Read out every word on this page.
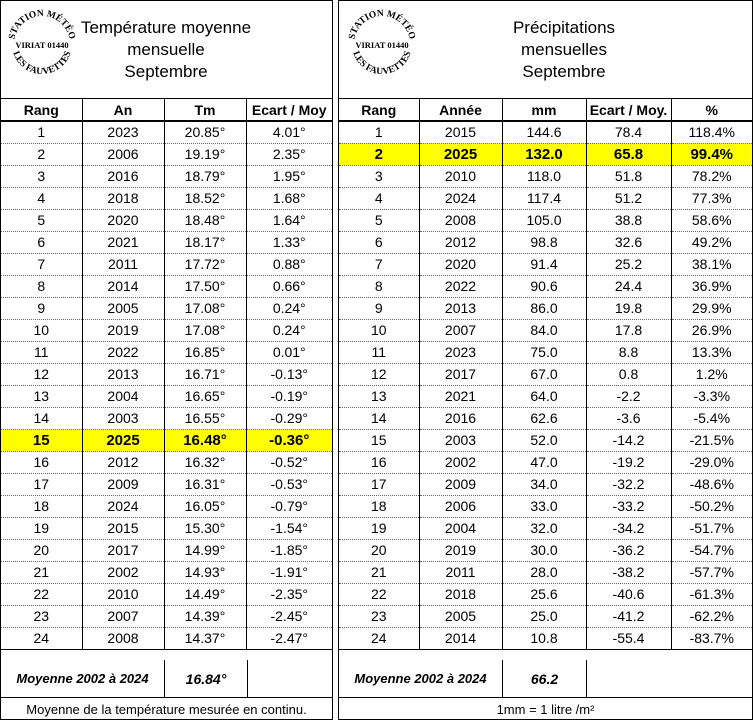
STATION MÉTÉO
VIRIAT 01440
LES FAUVETTES
Température moyenne
mensuelle
Septembre
Rang	An	Tm	Ecart / Moy
1	2023	20.85°	4.01°
2	2006	19.19°	2.35°
3	2016	18.79°	1.95°
4	2018	18.52°	1.68°
5	2020	18.48°	1.64°
6	2021	18.17°	1.33°
7	2011	17.72°	0.88°
8	2014	17.50°	0.66°
9	2005	17.08°	0.24°
10	2019	17.08°	0.24°
11	2022	16.85°	0.01°
12	2013	16.71°	-0.13°
13	2004	16.65°	-0.19°
14	2003	16.55°	-0.29°
15	2025	16.48°	-0.36°
16	2012	16.32°	-0.52°
17	2009	16.31°	-0.53°
18	2024	16.05°	-0.79°
19	2015	15.30°	-1.54°
20	2017	14.99°	-1.85°
21	2002	14.93°	-1.91°
22	2010	14.49°	-2.35°
23	2007	14.39°	-2.45°
24	2008	14.37°	-2.47°
Moyenne 2002 à 2024	16.84°
Moyenne de la température mesurée en continu.
STATION MÉTÉO
VIRIAT 01440
LES FAUVETTES
Précipitations
mensuelles
Septembre
Rang	Année	mm	Ecart / Moy.	%
1	2015	144.6	78.4	118.4%
2	2025	132.0	65.8	99.4%
3	2010	118.0	51.8	78.2%
4	2024	117.4	51.2	77.3%
5	2008	105.0	38.8	58.6%
6	2012	98.8	32.6	49.2%
7	2020	91.4	25.2	38.1%
8	2022	90.6	24.4	36.9%
9	2013	86.0	19.8	29.9%
10	2007	84.0	17.8	26.9%
11	2023	75.0	8.8	13.3%
12	2017	67.0	0.8	1.2%
13	2021	64.0	-2.2	-3.3%
14	2016	62.6	-3.6	-5.4%
15	2003	52.0	-14.2	-21.5%
16	2002	47.0	-19.2	-29.0%
17	2009	34.0	-32.2	-48.6%
18	2006	33.0	-33.2	-50.2%
19	2004	32.0	-34.2	-51.7%
20	2019	30.0	-36.2	-54.7%
21	2011	28.0	-38.2	-57.7%
22	2018	25.6	-40.6	-61.3%
23	2005	25.0	-41.2	-62.2%
24	2014	10.8	-55.4	-83.7%
Moyenne 2002 à 2024	66.2
1mm = 1 litre /m²
